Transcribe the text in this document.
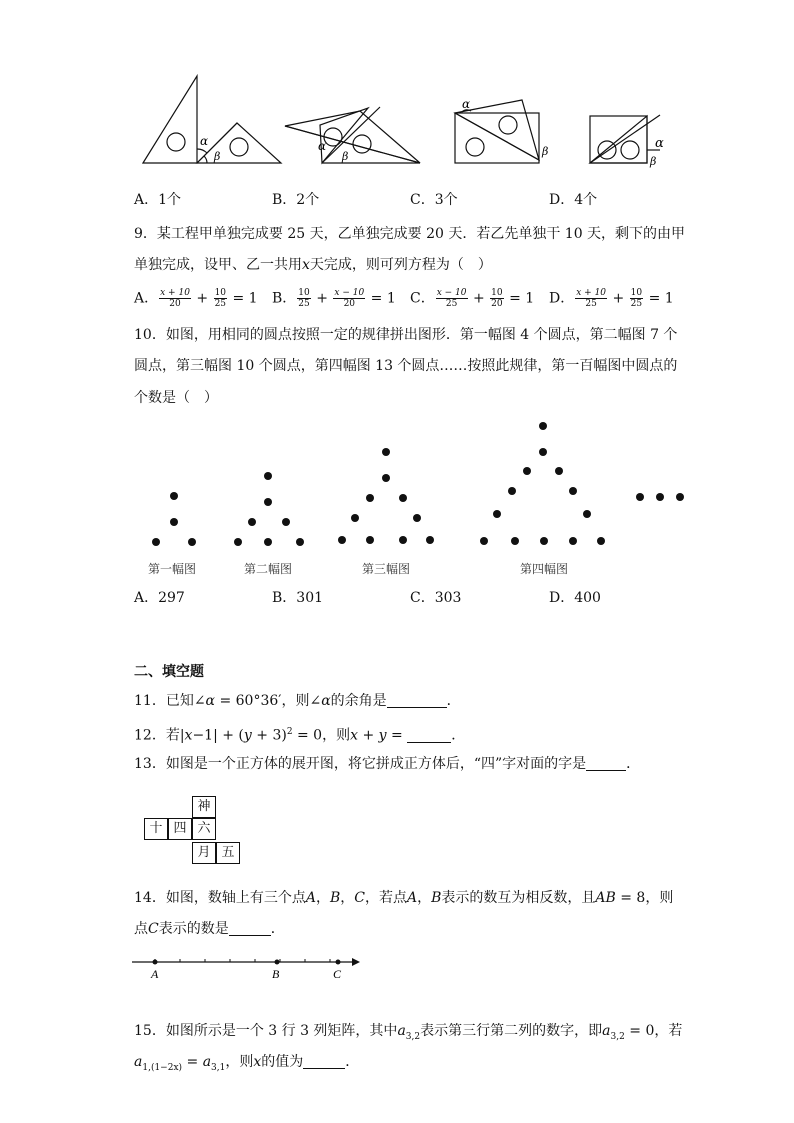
α
β
α
β
α
β
α
β
A．1个	B．2个	C．3个	D．4个
9．某工程甲单独完成要 25 天，乙单独完成要 20 天．若乙先单独干 10 天，剩下的由甲
单独完成，设甲、乙一共用x天完成，则可列方程为（　）
A． $\frac{x + 10}{20} + \frac{10}{25} = 1$ B． $\frac{10}{25} + \frac{x - 10}{20} = 1$ C． $\frac{x - 10}{25} + \frac{10}{20} = 1$ D． $\frac{x + 10}{25} + \frac{10}{25} = 1$
10．如图，用相同的圆点按照一定的规律拼出图形．第一幅图 4 个圆点，第二幅图 7 个
圆点，第三幅图 10 个圆点，第四幅图 13 个圆点……按照此规律，第一百幅图中圆点的
个数是（　）
第一幅图	第二幅图	第三幅图	第四幅图
A．297	B．301	C．303	D．400
二、填空题
11．已知∠α = 60°36′，则∠α的余角是	．
12．若$|x-1| + (y + 3)^2 = 0$，则x + y =	．
13．如图是一个正方体的展开图，将它拼成正方体后，“四”字对面的字是	．
神
十 四 六
月 五
14．如图，数轴上有三个点A，B，C，若点A，B表示的数互为相反数，且AB = 8，则
点C表示的数是	．
A	B	C
15．如图所示是一个 3 行 3 列矩阵，其中$a_{3,2}$表示第三行第二列的数字，即$a_{3,2} = 0$，若
$a_{1,(1-2x)} = a_{3,1}$，则x的值为	．
